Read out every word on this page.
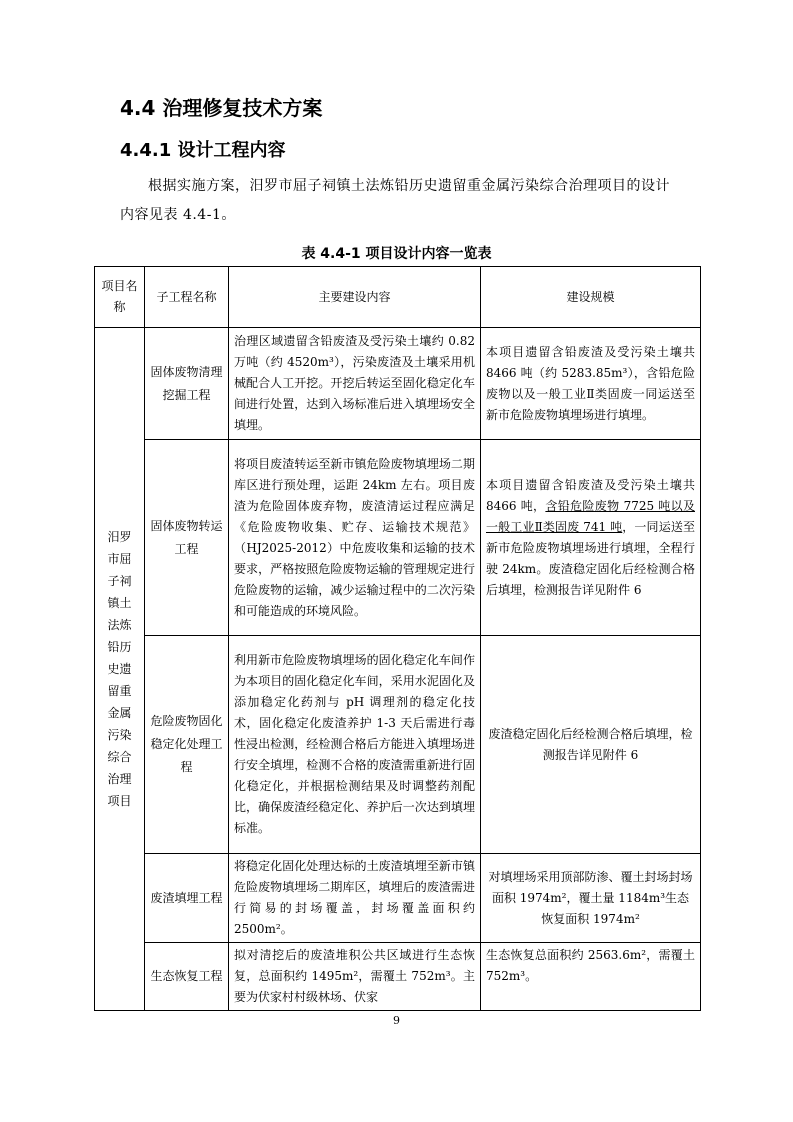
4.4 治理修复技术方案
4.4.1 设计工程内容
根据实施方案，汨罗市屈子祠镇土法炼铅历史遗留重金属污染综合治理项目的设计内容见表 4.4-1。
表 4.4-1 项目设计内容一览表
项目名称	子工程名称	主要建设内容	建设规模
汨罗市屈子祠镇土法炼铅历史遗留重金属污染综合治理项目	固体废物清理挖掘工程	治理区域遗留含铅废渣及受污染土壤约 0.82 万吨（约 4520m³），污染废渣及土壤采用机械配合人工开挖。开挖后转运至固化稳定化车间进行处置，达到入场标准后进入填埋场安全填埋。	本项目遗留含铅废渣及受污染土壤共 8466 吨（约 5283.85m³），含铅危险废物以及一般工业Ⅱ类固废一同运送至新市危险废物填埋场进行填埋。
	固体废物转运工程	将项目废渣转运至新市镇危险废物填埋场二期库区进行预处理，运距 24km 左右。项目废渣为危险固体废弃物，废渣清运过程应满足《危险废物收集、贮存、运输技术规范》（HJ2025-2012）中危废收集和运输的技术要求，严格按照危险废物运输的管理规定进行危险废物的运输，减少运输过程中的二次污染和可能造成的环境风险。	本项目遗留含铅废渣及受污染土壤共 8466 吨，含铅危险废物 7725 吨以及一般工业Ⅱ类固废 741 吨，一同运送至新市危险废物填埋场进行填埋，全程行驶 24km。废渣稳定固化后经检测合格后填埋，检测报告详见附件 6
	危险废物固化稳定化处理工程	利用新市危险废物填埋场的固化稳定化车间作为本项目的固化稳定化车间，采用水泥固化及添加稳定化药剂与 pH 调理剂的稳定化技术，固化稳定化废渣养护 1-3 天后需进行毒性浸出检测，经检测合格后方能进入填埋场进行安全填埋，检测不合格的废渣需重新进行固化稳定化，并根据检测结果及时调整药剂配比，确保废渣经稳定化、养护后一次达到填埋标准。	废渣稳定固化后经检测合格后填埋，检测报告详见附件 6
	废渣填埋工程	将稳定化固化处理达标的土废渣填埋至新市镇危险废物填埋场二期库区，填埋后的废渣需进行简易的封场覆盖，封场覆盖面积约 2500m²。	对填埋场采用顶部防渗、覆土封场封场面积 1974m²，覆土量 1184m³生态恢复面积 1974m²
	生态恢复工程	拟对清挖后的废渣堆积公共区域进行生态恢复，总面积约 1495m²，需覆土 752m³。主要为伏家村村级林场、伏家	生态恢复总面积约 2563.6m²，需覆土 752m³。
9
